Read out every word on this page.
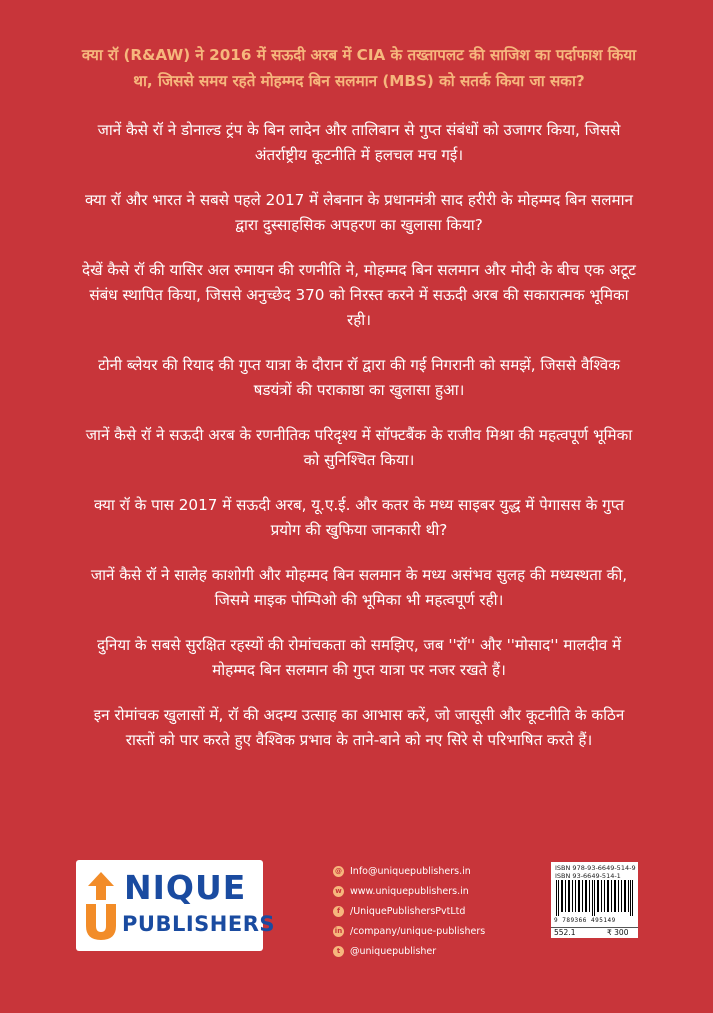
क्या रॉ (R&AW) ने 2016 में सऊदी अरब में CIA के तख्तापलट की साजिश का पर्दाफाश किया था, जिससे समय रहते मोहम्मद बिन सलमान (MBS) को सतर्क किया जा सका?

जानें कैसे रॉ ने डोनाल्ड ट्रंप के बिन लादेन और तालिबान से गुप्त संबंधों को उजागर किया, जिससे अंतर्राष्ट्रीय कूटनीति में हलचल मच गई।

क्या रॉ और भारत ने सबसे पहले 2017 में लेबनान के प्रधानमंत्री साद हरीरी के मोहम्मद बिन सलमान द्वारा दुस्साहसिक अपहरण का खुलासा किया?

देखें कैसे रॉ की यासिर अल रुमायन की रणनीति ने, मोहम्मद बिन सलमान और मोदी के बीच एक अटूट संबंध स्थापित किया, जिससे अनुच्छेद 370 को निरस्त करने में सऊदी अरब की सकारात्मक भूमिका रही।

टोनी ब्लेयर की रियाद की गुप्त यात्रा के दौरान रॉ द्वारा की गई निगरानी को समझें, जिससे वैश्विक षडयंत्रों की पराकाष्ठा का खुलासा हुआ।

जानें कैसे रॉ ने सऊदी अरब के रणनीतिक परिदृश्य में सॉफ्टबैंक के राजीव मिश्रा की महत्वपूर्ण भूमिका को सुनिश्चित किया।

क्या रॉ के पास 2017 में सऊदी अरब, यू.ए.ई. और कतर के मध्य साइबर युद्ध में पेगासस के गुप्त प्रयोग की खुफिया जानकारी थी?

जानें कैसे रॉ ने सालेह काशोगी और मोहम्मद बिन सलमान के मध्य असंभव सुलह की मध्यस्थता की, जिसमे माइक पोम्पिओ की भूमिका भी महत्वपूर्ण रही।

दुनिया के सबसे सुरक्षित रहस्यों की रोमांचकता को समझिए, जब ''रॉ'' और ''मोसाद'' मालदीव में मोहम्मद बिन सलमान की गुप्त यात्रा पर नजर रखते हैं।

इन रोमांचक खुलासों में, रॉ की अदम्य उत्साह का आभास करें, जो जासूसी और कूटनीति के कठिन रास्तों को पार करते हुए वैश्विक प्रभाव के ताने-बाने को नए सिरे से परिभाषित करते हैं।

NIQUE
PUBLISHERS
@ Info@uniquepublishers.in
w www.uniquepublishers.in
f	/UniquePublishersPvtLtd
in /company/unique-publishers
t	@uniquepublisher
ISBN 978-93-6649-514-9
ISBN 93-6649-514-1
9 789366 495149
552.1	₹ 300
